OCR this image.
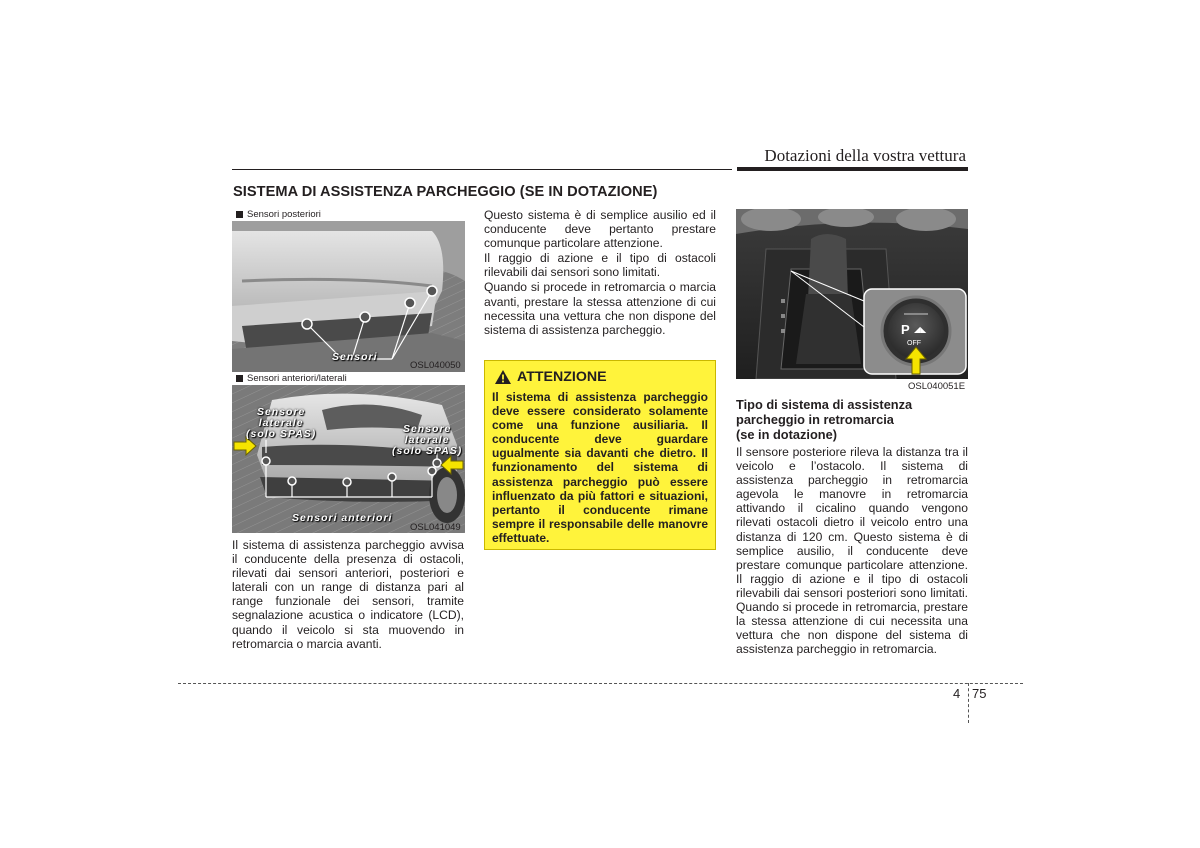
Dotazioni della vostra vettura
SISTEMA DI ASSISTENZA PARCHEGGIO (SE IN DOTAZIONE)
Sensori posteriori
Sensori
OSL040050
Sensori anteriori/laterali
Sensore
laterale
(solo SPAS)	Sensore
laterale
(solo SPAS)
Sensori anteriori
OSL041049

Il sistema di assistenza parcheggio avvisa il conducente della presenza di ostacoli, rilevati dai sensori anteriori, posteriori e laterali con un range di distanza pari al range funzionale dei sensori, tramite segnalazione acustica o indicatore (LCD), quando il veicolo si sta muovendo in retromarcia o marcia avanti.

Questo sistema è di semplice ausilio ed il conducente deve pertanto prestare comunque particolare attenzione.

Il raggio di azione e il tipo di ostacoli rilevabili dai sensori sono limitati.

Quando si procede in retromarcia o marcia avanti, prestare la stessa attenzione di cui necessita una vettura che non dispone del sistema di assistenza parcheggio.

ATTENZIONE
Il sistema di assistenza parcheggio deve essere considerato solamente come una funzione ausiliaria. Il conducente deve guardare ugualmente sia davanti che dietro. Il funzionamento del sistema di assistenza parcheggio può essere influenzato da più fattori e situazioni, pertanto il conducente rimane sempre il responsabile delle manovre effettuate.
P ◢◣
OFF
OSL040051E
Tipo di sistema di assistenza
parcheggio in retromarcia
(se in dotazione)

Il sensore posteriore rileva la distanza tra il veicolo e l’ostacolo. Il sistema di assistenza parcheggio in retromarcia agevola le manovre in retromarcia attivando il cicalino quando vengono rilevati ostacoli dietro il veicolo entro una distanza di 120 cm. Questo sistema è di semplice ausilio, il conducente deve prestare comunque particolare attenzione. Il raggio di azione e il tipo di ostacoli rilevabili dai sensori posteriori sono limitati. Quando si procede in retromarcia, prestare la stessa attenzione di cui necessita una vettura che non dispone del sistema di assistenza parcheggio in retromarcia.

4 75
